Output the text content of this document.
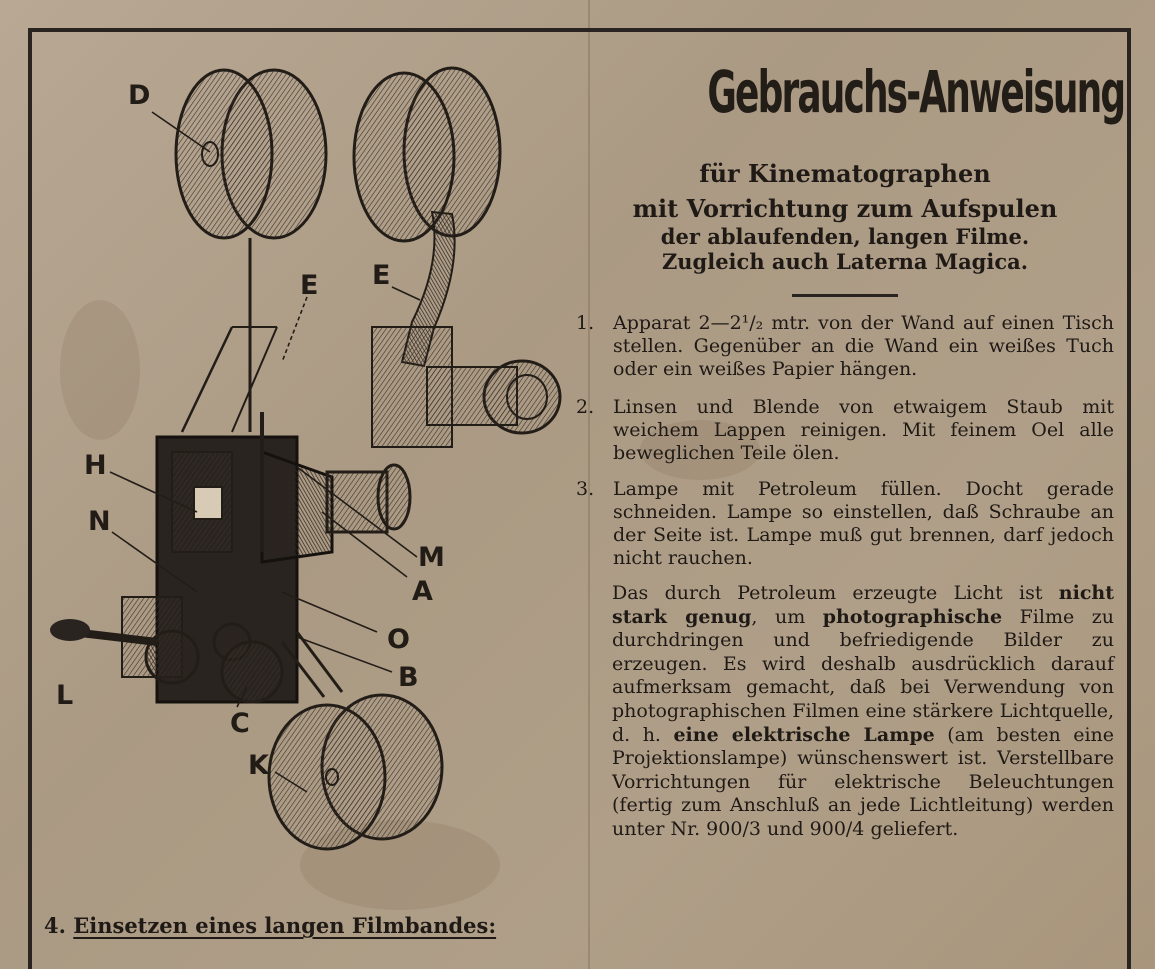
D
E E
H
N
M
A
O
B
L
C
K
Gebrauchs-Anweisung
für Kinematographen
mit Vorrichtung zum Aufspulen
der ablaufenden, langen Filme.
Zugleich auch Laterna Magica.
1. Apparat 2—2¹/₂ mtr. von der Wand auf einen Tisch stellen. Gegenüber an die Wand ein weißes Tuch oder ein weißes Papier hängen.
2. Linsen und Blende von etwaigem Staub mit weichem Lappen reinigen. Mit feinem Oel alle beweglichen Teile ölen.
3. Lampe mit Petroleum füllen. Docht gerade schneiden. Lampe so einstellen, daß Schraube an der Seite ist. Lampe muß gut brennen, darf jedoch nicht rauchen.
Das durch Petroleum erzeugte Licht ist nicht stark genug, um photographische Filme zu durchdringen und befriedigende Bilder zu erzeugen. Es wird deshalb ausdrücklich darauf aufmerksam gemacht, daß bei Verwendung von photographischen Filmen eine stärkere Lichtquelle, d. h. eine elektrische Lampe (am besten eine Projektionslampe) wünschenswert ist. Verstellbare Vorrichtungen für elektrische Beleuchtungen (fertig zum Anschluß an jede Lichtleitung) werden unter Nr. 900/3 und 900/4 geliefert.
4. Einsetzen eines langen Filmbandes:
